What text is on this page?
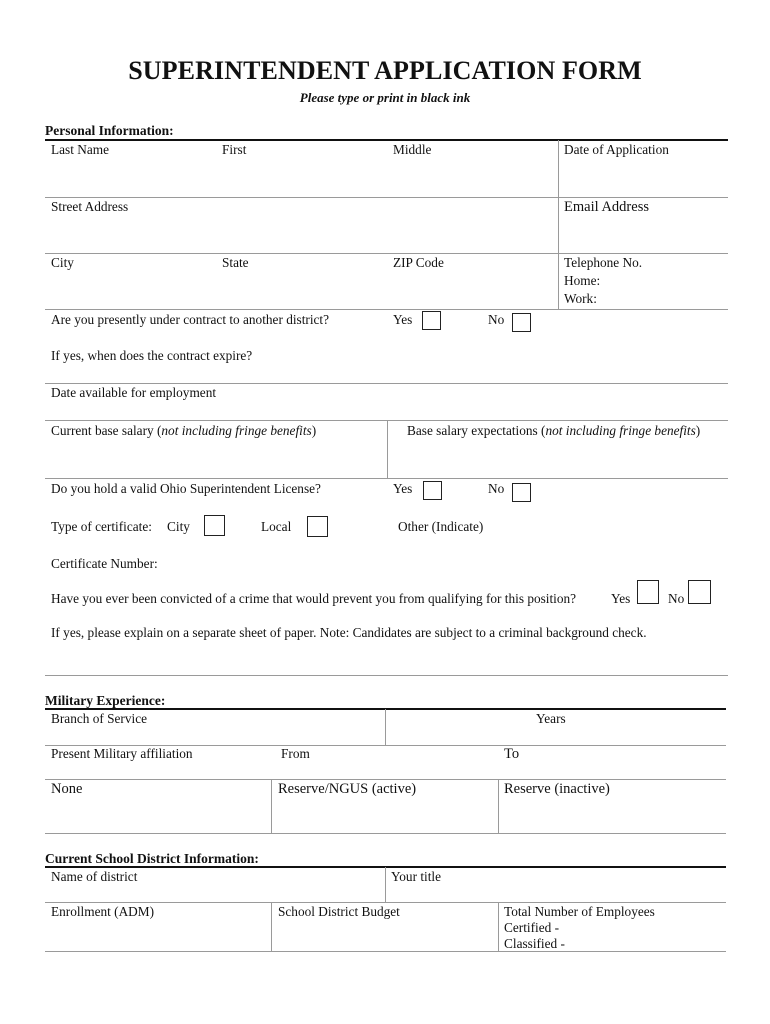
SUPERINTENDENT APPLICATION FORM
Please type or print in black ink
Personal Information:
Last Name	First	Middle	Date of Application
Street Address	Email Address
City	State	ZIP Code	Telephone No.
Home:
Work:
Are you presently under contract to another district?	Yes	No
If yes, when does the contract expire?
Date available for employment
Current base salary (not including fringe benefits)	Base salary expectations (not including fringe benefits)
Do you hold a valid Ohio Superintendent License?	Yes	No
Type of certificate: City	Local	Other (Indicate)
Certificate Number:
Have you ever been convicted of a crime that would prevent you from qualifying for this position?	Yes	No
If yes, please explain on a separate sheet of paper. Note: Candidates are subject to a criminal background check.
Military Experience:
Branch of Service	Years
Present Military affiliation	From	To
None	Reserve/NGUS (active)	Reserve (inactive)
Current School District Information:
Name of district	Your title
Enrollment (ADM)	School District Budget	Total Number of Employees
Certified -
Classified -
